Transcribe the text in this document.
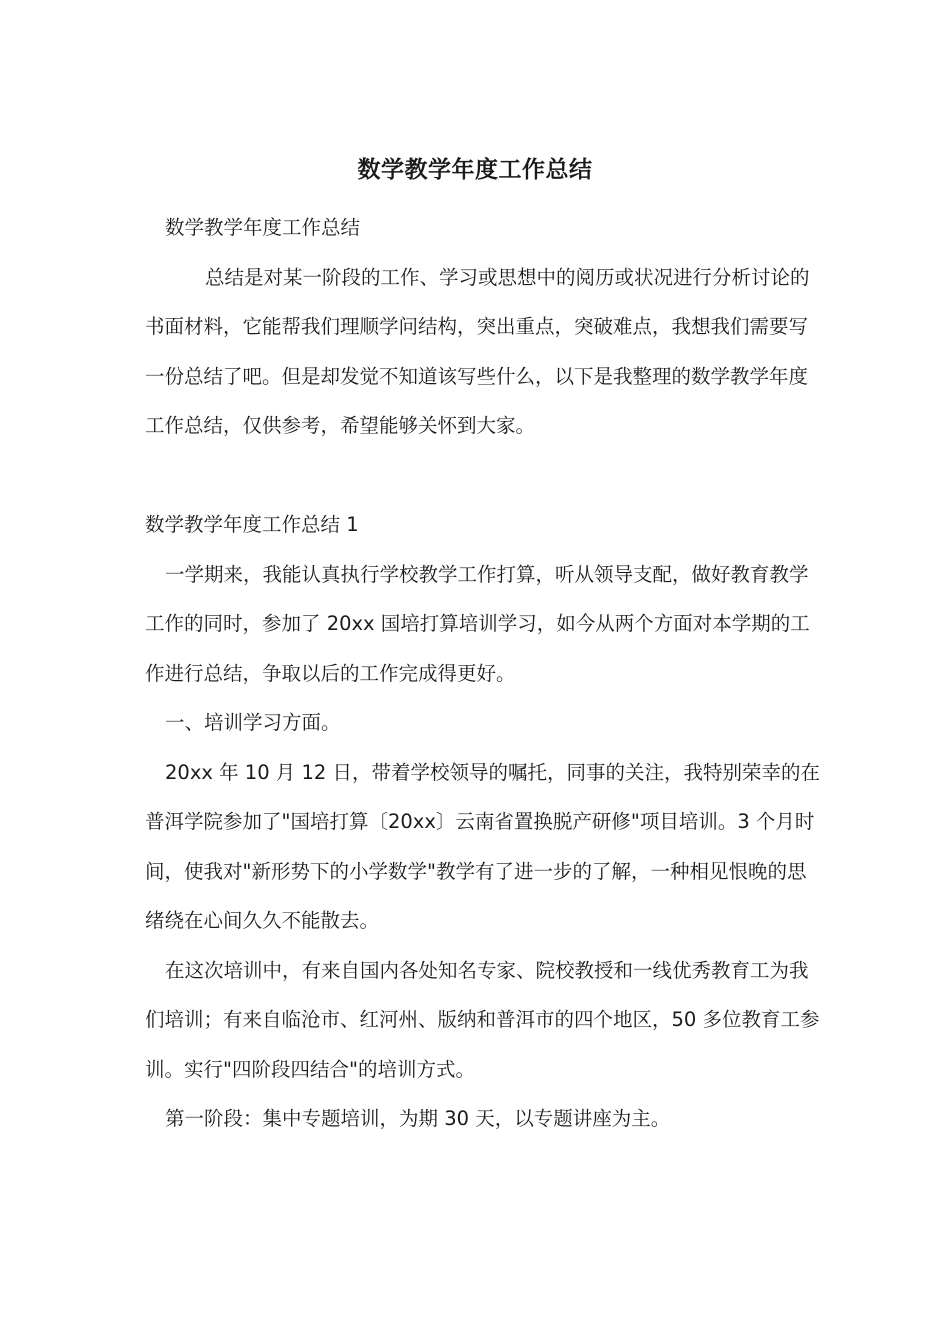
数学教学年度工作总结

数学教学年度工作总结

总结是对某一阶段的工作、学习或思想中的阅历或状况进行分析讨论的书面材料，它能帮我们理顺学问结构，突出重点，突破难点，我想我们需要写一份总结了吧。但是却发觉不知道该写些什么，以下是我整理的数学教学年度工作总结，仅供参考，希望能够关怀到大家。

数学教学年度工作总结 1

一学期来，我能认真执行学校教学工作打算，听从领导支配，做好教育教学工作的同时，参加了 20xx 国培打算培训学习，如今从两个方面对本学期的工作进行总结，争取以后的工作完成得更好。

一、培训学习方面。

20xx 年 10 月 12 日，带着学校领导的嘱托，同事的关注，我特别荣幸的在普洱学院参加了"国培打算〔20xx〕云南省置换脱产研修"项目培训。3 个月时间，使我对"新形势下的小学数学"教学有了进一步的了解，一种相见恨晚的思绪绕在心间久久不能散去。

在这次培训中，有来自国内各处知名专家、院校教授和一线优秀教育工为我们培训；有来自临沧市、红河州、版纳和普洱市的四个地区，50 多位教育工参训。实行"四阶段四结合"的培训方式。

第一阶段：集中专题培训，为期 30 天，以专题讲座为主。
